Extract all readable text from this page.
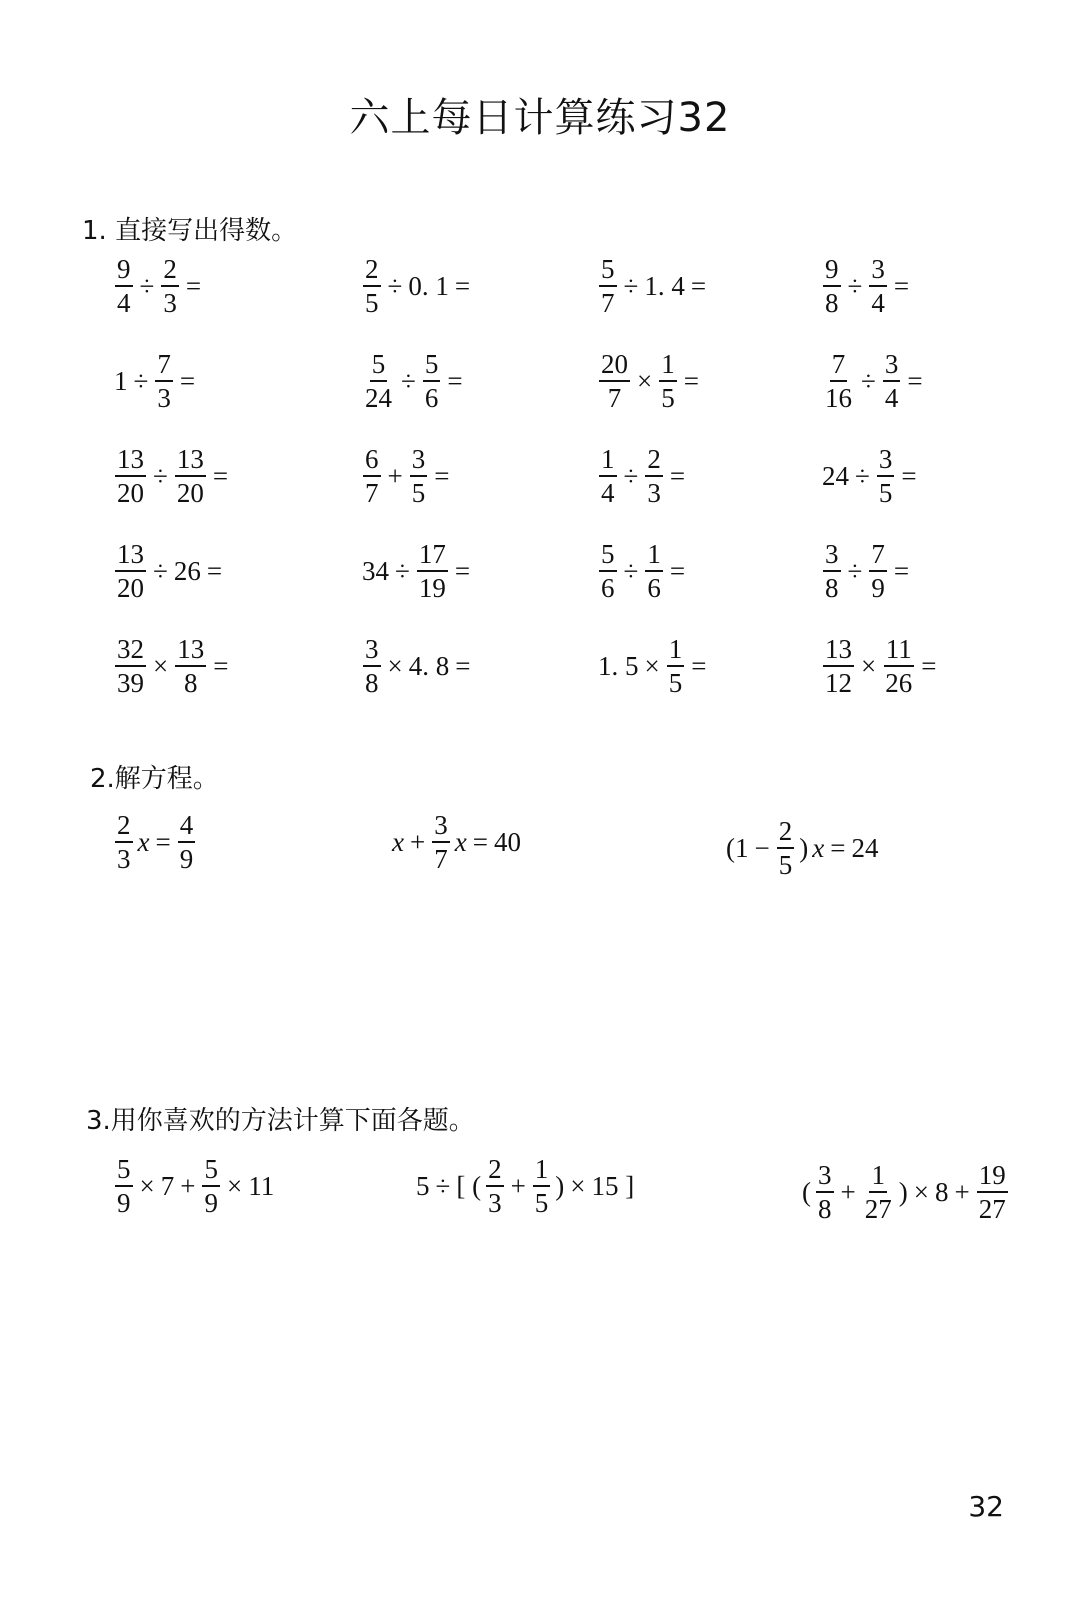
六上每日计算练习32
1. 直接写出得数。
$\frac{9}{4} \div \frac{2}{3}$ =	$\frac{2}{5} \div 0$. 1 =	$\frac{5}{7} \div 1$. 4 =	$\frac{9}{8} \div \frac{3}{4}$ =
$1 \div \frac{7}{3}$ =	$\frac{5}{24} \div \frac{5}{6}$ =	$\frac{20}{7} \times \frac{1}{5}$ =	$\frac{7}{16} \div \frac{3}{4}$ =
$\frac{13}{20} \div \frac{13}{20}$ =	$\frac{6}{7} + \frac{3}{5}$ =	$\frac{1}{4} \div \frac{2}{3}$ =	$24 \div \frac{3}{5}$ =
$\frac{13}{20} \div 26$ =	$34 \div \frac{17}{19}$ =	$\frac{5}{6} \div \frac{1}{6}$ =	$\frac{3}{8} \div \frac{7}{9}$ =
$\frac{32}{39} \times \frac{13}{8}$ =	$\frac{3}{8} \times 4$. 8 =	1. $5 \times \frac{1}{5}$ =	$\frac{13}{12} \times \frac{11}{26}$ =
2.解方程。
$\frac{2}{3}$ $x = \frac{4}{9}$	$x + \frac{3}{7}$ x = 40	($1 - \frac{2}{5}$ ) x = 24
3.用你喜欢的方法计算下面各题。
$\frac{5}{9} \times 7 + \frac{5}{9} \times 11$	5 ÷ [ ( $\frac{2}{3} + \frac{1}{5}$ ) × 15 ]	( $\frac{3}{8} + \frac{1}{27}$ ) × $8 + \frac{19}{27}$
32
